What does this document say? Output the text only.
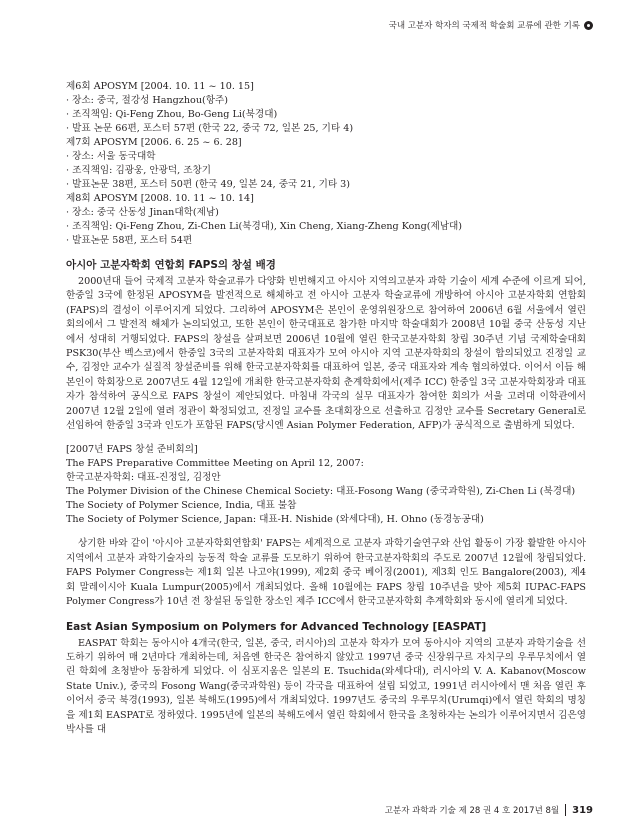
국내 고분자 학자의 국제적 학술회 교류에 관한 기록
제6회 APOSYM [2004. 10. 11 ~ 10. 15]
· 장소: 중국, 절강성 Hangzhou(항주)
· 조직책임: Qi-Feng Zhou, Bo-Geng Li(북경대)
· 발표 논문 66편, 포스터 57편 (한국 22, 중국 72, 일본 25, 기타 4)
제7회 APOSYM [2006. 6. 25 ~ 6. 28]
· 장소: 서울 동국대학
· 조직책임: 김광웅, 안광덕, 조창기
· 발표논문 38편, 포스터 50편 (한국 49, 일본 24, 중국 21, 기타 3)
제8회 APOSYM [2008. 10. 11 ~ 10. 14]
· 장소: 중국 산동성 Jinan대학(제남)
· 조직책임: Qi-Feng Zhou, Zi-Chen Li(북경대), Xin Cheng, Xiang-Zheng Kong(제남대)
· 발표논문 58편, 포스터 54편
아시아 고분자학회 연합회 FAPS의 창설 배경
2000년대 들어 국제적 고분자 학술교류가 다양화 빈번해지고 아시아 지역의고분자 과학 기술이 세계 수준에 이르게 되어, 한중일 3국에 한정된 APOSYM을 발전적으로 해체하고 전 아시아 고분자 학술교류에 개방하여 아시아 고분자학회 연합회(FAPS)의 결성이 이루어지게 되었다. 그리하여 APOSYM은 본인이 운영위원장으로 참여하여 2006년 6월 서울에서 열린 회의에서 그 발전적 해체가 논의되었고, 또한 본인이 한국대표로 참가한 마지막 학술대회가 2008년 10월 중국 산동성 지난에서 성대히 거행되었다. FAPS의 창설을 살펴보면 2006년 10월에 열린 한국고분자학회 창립 30주년 기념 국제학술대회 PSK30(부산 벡스코)에서 한중일 3국의 고분자학회 대표자가 모여 아시아 지역 고분자학회의 창설이 합의되었고 진정일 교수, 김정안 교수가 실질적 창설준비를 위해 한국고분자학회를 대표하여 일본, 중국 대표자와 계속 협의하였다. 이어서 이듬 해 본인이 학회장으로 2007년도 4월 12일에 개최한 한국고분자학회 춘계학회에서(제주 ICC) 한중일 3국 고분자학회장과 대표자가 참석하여 공식으로 FAPS 창설이 제안되었다. 마침내 각국의 실무 대표자가 참여한 회의가 서울 고려대 이학관에서 2007년 12월 2일에 열려 정관이 확정되었고, 진정일 교수를 초대회장으로 선출하고 김정안 교수를 Secretary General로 선임하여 한중일 3국과 인도가 포함된 FAPS(당시엔 Asian Polymer Federation, AFP)가 공식적으로 출범하게 되었다.
[2007년 FAPS 창설 준비회의]
The FAPS Preparative Committee Meeting on April 12, 2007:
한국고분자학회: 대표-진정일, 김정안
The Polymer Division of the Chinese Chemical Society: 대표-Fosong Wang (중국과학원), Zi-Chen Li (북경대)
The Society of Polymer Science, India, 대표 불참
The Society of Polymer Science, Japan: 대표-H. Nishide (와세다대), H. Ohno (동경농공대)
상기한 바와 같이 '아시아 고분자학회연합회' FAPS는 세계적으로 고분자 과학기술연구와 산업 활동이 가장 활발한 아시아 지역에서 고분자 과학기술자의 능동적 학술 교류를 도모하기 위하여 한국고분자학회의 주도로 2007년 12월에 창립되었다. FAPS Polymer Congress는 제1회 일본 나고야(1999), 제2회 중국 베이징(2001), 제3회 인도 Bangalore(2003), 제4회 말레이시아 Kuala Lumpur(2005)에서 개최되었다. 올해 10월에는 FAPS 창립 10주년을 맞아 제5회 IUPAC-FAPS Polymer Congress가 10년 전 창설된 동일한 장소인 제주 ICC에서 한국고분자학회 추계학회와 동시에 열리게 되었다.
East Asian Symposium on Polymers for Advanced Technology [EASPAT]
EASPAT 학회는 동아시아 4개국(한국, 일본, 중국, 러시아)의 고분자 학자가 모여 동아시아 지역의 고분자 과학기술을 선도하기 위하여 매 2년마다 개최하는데, 처음엔 한국은 참여하지 않았고 1997년 중국 신장위구르 자치구의 우루무치에서 열린 학회에 초청받아 동참하게 되었다. 이 심포지움은 일본의 E. Tsuchida(와세다대), 러시아의 V. A. Kabanov(Moscow State Univ.), 중국의 Fosong Wang(중국과학원) 등이 각국을 대표하여 설립 되었고, 1991년 러시아에서 맨 처음 열린 후 이어서 중국 북경(1993), 일본 북해도(1995)에서 개최되었다. 1997년도 중국의 우루무치(Urumqi)에서 열린 학회의 명칭을 제1회 EASPAT로 정하였다. 1995년에 일본의 북해도에서 열린 학회에서 한국을 초청하자는 논의가 이루어지면서 김은영박사를 대
고분자 과학과 기술 제 28 권 4 호 2017년 8월 319
